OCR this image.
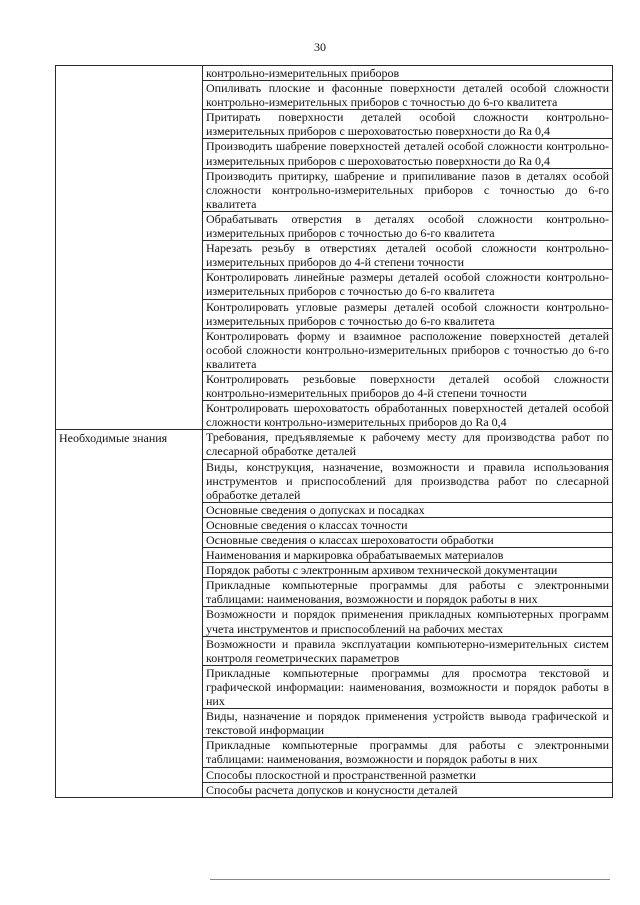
30
	контрольно-измерительных приборов
	Опиливать плоские и фасонные поверхности деталей особой сложности контрольно-измерительных приборов с точностью до 6-го квалитета
	Притирать поверхности деталей особой сложности контрольно-измерительных приборов с шероховатостью поверхности до Ra 0,4
	Производить шабрение поверхностей деталей особой сложности контрольно-измерительных приборов с шероховатостью поверхности до Ra 0,4
	Производить притирку, шабрение и припиливание пазов в деталях особой сложности контрольно-измерительных приборов с точностью до 6-го квалитета
	Обрабатывать отверстия в деталях особой сложности контрольно-измерительных приборов с точностью до 6-го квалитета
	Нарезать резьбу в отверстиях деталей особой сложности контрольно-измерительных приборов до 4-й степени точности
	Контролировать линейные размеры деталей особой сложности контрольно-измерительных приборов с точностью до 6-го квалитета
	Контролировать угловые размеры деталей особой сложности контрольно-измерительных приборов с точностью до 6-го квалитета
	Контролировать форму и взаимное расположение поверхностей деталей особой сложности контрольно-измерительных приборов с точностью до 6-го квалитета
	Контролировать резьбовые поверхности деталей особой сложности контрольно-измерительных приборов до 4-й степени точности
	Контролировать шероховатость обработанных поверхностей деталей особой сложности контрольно-измерительных приборов до Ra 0,4
Необходимые знания	Требования, предъявляемые к рабочему месту для производства работ по слесарной обработке деталей
	Виды, конструкция, назначение, возможности и правила использования инструментов и приспособлений для производства работ по слесарной обработке деталей
	Основные сведения о допусках и посадках
	Основные сведения о классах точности
	Основные сведения о классах шероховатости обработки
	Наименования и маркировка обрабатываемых материалов
	Порядок работы с электронным архивом технической документации
	Прикладные компьютерные программы для работы с электронными таблицами: наименования, возможности и порядок работы в них
	Возможности и порядок применения прикладных компьютерных программ учета инструментов и приспособлений на рабочих местах
	Возможности и правила эксплуатации компьютерно-измерительных систем контроля геометрических параметров
	Прикладные компьютерные программы для просмотра текстовой и графической информации: наименования, возможности и порядок работы в них
	Виды, назначение и порядок применения устройств вывода графической и текстовой информации
	Прикладные компьютерные программы для работы с электронными таблицами: наименования, возможности и порядок работы в них
	Способы плоскостной и пространственной разметки
	Способы расчета допусков и конусности деталей
